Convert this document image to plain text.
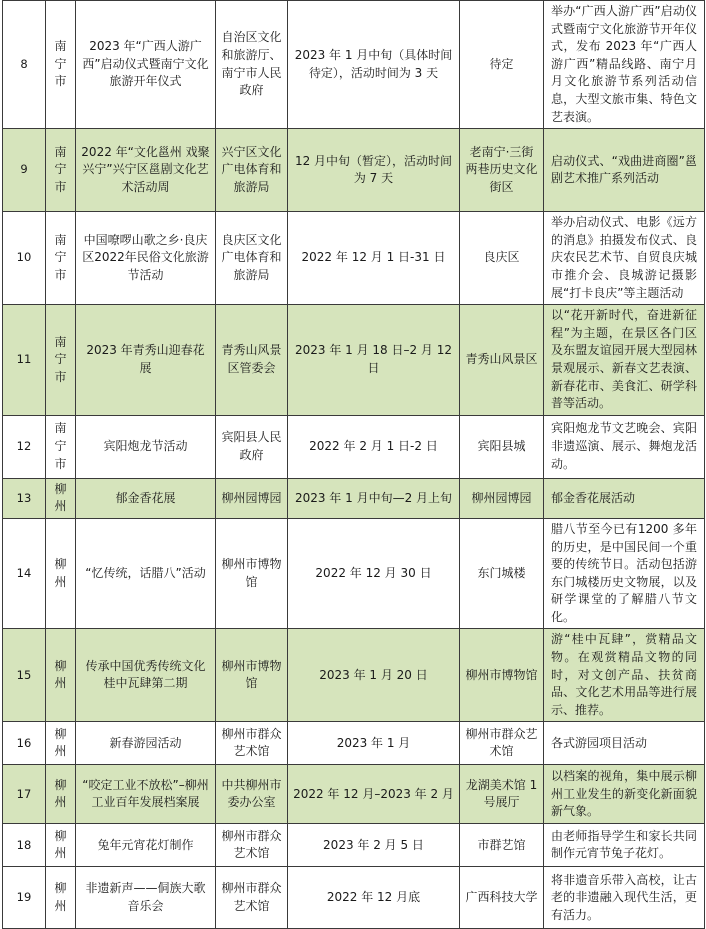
8	南宁市	2023 年“广西人游广西”启动仪式暨南宁文化旅游开年仪式	自治区文化和旅游厅、南宁市人民政府	2023 年 1 月中旬（具体时间待定），活动时间为 3 天	待定	举办“广西人游广西”启动仪式暨南宁文化旅游节开年仪式，发布 2023 年“广西人游广西”精品线路、南宁月月文化旅游节系列活动信息，大型文旅市集、特色文艺表演。
9	南宁市	2022 年“文化邕州 戏聚兴宁”兴宁区邕剧文化艺术活动周	兴宁区文化广电体育和旅游局	12 月中旬（暂定），活动时间为 7 天	老南宁·三街两巷历史文化街区	启动仪式、“戏曲进商圈”邕剧艺术推广系列活动
10	南宁市	中国嘹啰山歌之乡·良庆区2022年民俗文化旅游节活动	良庆区文化广电体育和旅游局	2022 年 12 月 1 日-31 日	良庆区	举办启动仪式、电影《远方的消息》拍摄发布仪式、良庆农民艺术节、自贸良庆城市推介会、良城游记摄影展“打卡良庆”等主题活动
11	南宁市	2023 年青秀山迎春花展	青秀山风景区管委会	2023 年 1 月 18 日–2 月 12 日	青秀山风景区	以“花开新时代，奋进新征程”为主题，在景区各门区及东盟友谊园开展大型园林景观展示、新春文艺表演、新春花市、美食汇、研学科普等活动。
12	南宁市	宾阳炮龙节活动	宾阳县人民政府	2022 年 2 月 1 日-2 日	宾阳县城	宾阳炮龙节文艺晚会、宾阳非遗巡演、展示、舞炮龙活动。
13	柳州	郁金香花展	柳州园博园	2023 年 1 月中旬—2 月上旬	柳州园博园	郁金香花展活动
14	柳州	“忆传统，话腊八”活动	柳州市博物馆	2022 年 12 月 30 日	东门城楼	腊八节至今已有1200 多年的历史，是中国民间一个重要的传统节日。活动包括游东门城楼历史文物展，以及研学课堂的了解腊八节文化。
15	柳州	传承中国优秀传统文化桂中瓦肆第二期	柳州市博物馆	2023 年 1 月 20 日	柳州市博物馆	游“桂中瓦肆”，赏精品文物。在观赏精品文物的同时，对文创产品、扶贫商品、文化艺术用品等进行展示、推荐。
16	柳州	新春游园活动	柳州市群众艺术馆	2023 年 1 月	柳州市群众艺术馆	各式游园项目活动
17	柳州	“咬定工业不放松”–柳州工业百年发展档案展	中共柳州市委办公室	2022 年 12 月–2023 年 2 月	龙湖美术馆 1 号展厅	以档案的视角，集中展示柳州工业发生的新变化新面貌新气象。
18	柳州	兔年元宵花灯制作	柳州市群众艺术馆	2023 年 2 月 5 日	市群艺馆	由老师指导学生和家长共同制作元宵节兔子花灯。
19	柳州	非遗新声——侗族大歌音乐会	柳州市群众艺术馆	2022 年 12 月底	广西科技大学	将非遗音乐带入高校，让古老的非遗融入现代生活，更有活力。
